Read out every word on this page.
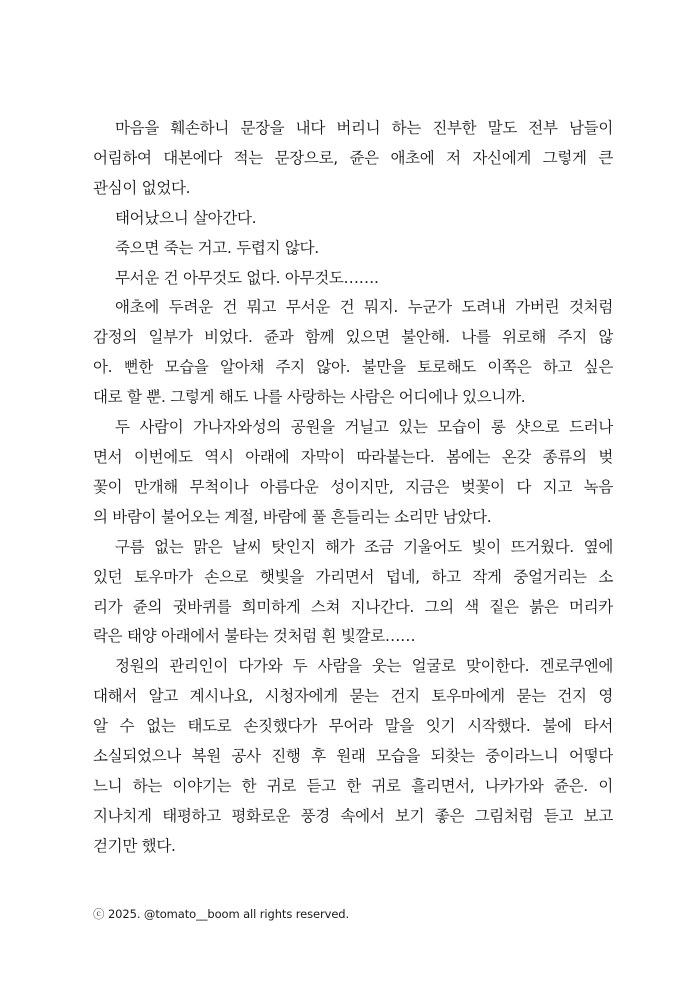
마음을 훼손하니 문장을 내다 버리니 하는 진부한 말도 전부 남들이
어림하여 대본에다 적는 문장으로, 쥰은 애초에 저 자신에게 그렇게 큰
관심이 없었다.

태어났으니 살아간다.

죽으면 죽는 거고. 두렵지 않다.

무서운 건 아무것도 없다. 아무것도…….

애초에 두려운 건 뭐고 무서운 건 뭐지. 누군가 도려내 가버린 것처럼
감정의 일부가 비었다. 쥰과 함께 있으면 불안해. 나를 위로해 주지 않
아. 뻔한 모습을 알아채 주지 않아. 불만을 토로해도 이쪽은 하고 싶은
대로 할 뿐. 그렇게 해도 나를 사랑하는 사람은 어디에나 있으니까.

두 사람이 가나자와성의 공원을 거닐고 있는 모습이 롱 샷으로 드러나
면서 이번에도 역시 아래에 자막이 따라붙는다. 봄에는 온갖 종류의 벚
꽃이 만개해 무척이나 아름다운 성이지만, 지금은 벚꽃이 다 지고 녹음
의 바람이 불어오는 계절, 바람에 풀 흔들리는 소리만 남았다.

구름 없는 맑은 날씨 탓인지 해가 조금 기울어도 빛이 뜨거웠다. 옆에
있던 토우마가 손으로 햇빛을 가리면서 덥네, 하고 작게 중얼거리는 소
리가 쥰의 귓바퀴를 희미하게 스쳐 지나간다. 그의 색 짙은 붉은 머리카
락은 태양 아래에서 불타는 것처럼 흰 빛깔로……

정원의 관리인이 다가와 두 사람을 웃는 얼굴로 맞이한다. 겐로쿠엔에
대해서 알고 계시나요, 시청자에게 묻는 건지 토우마에게 묻는 건지 영
알 수 없는 태도로 손짓했다가 무어라 말을 잇기 시작했다. 불에 타서
소실되었으나 복원 공사 진행 후 원래 모습을 되찾는 중이라느니 어떻다
느니 하는 이야기는 한 귀로 듣고 한 귀로 흘리면서, 나카가와 쥰은. 이
지나치게 태평하고 평화로운 풍경 속에서 보기 좋은 그림처럼 듣고 보고
걷기만 했다.

ⓒ 2025. @tomato__boom all rights reserved.
